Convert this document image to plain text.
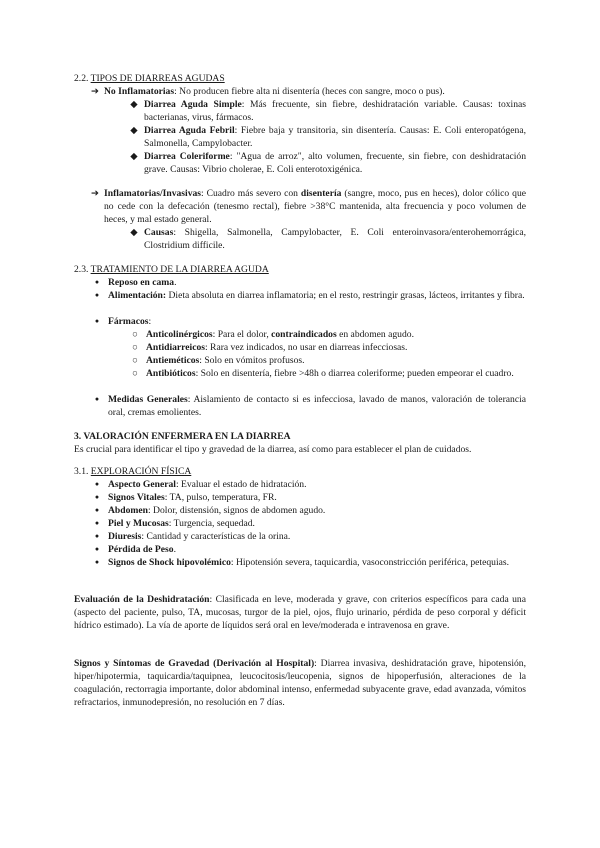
2.2. TIPOS DE DIARREAS AGUDAS
➔ No Inflamatorias: No producen fiebre alta ni disentería (heces con sangre, moco o pus).
◆ Diarrea Aguda Simple: Más frecuente, sin fiebre, deshidratación variable. Causas: toxinas bacterianas, virus, fármacos.
◆ Diarrea Aguda Febril: Fiebre baja y transitoria, sin disentería. Causas: E. Coli enteropatógena, Salmonella, Campylobacter.
◆ Diarrea Coleriforme: "Agua de arroz", alto volumen, frecuente, sin fiebre, con deshidratación grave. Causas: Vibrio cholerae, E. Coli enterotoxigénica.
➔ Inflamatorias/Invasivas: Cuadro más severo con disentería (sangre, moco, pus en heces), dolor cólico que no cede con la defecación (tenesmo rectal), fiebre >38°C mantenida, alta frecuencia y poco volumen de heces, y mal estado general.
◆ Causas: Shigella, Salmonella, Campylobacter, E. Coli enteroinvasora/enterohemorrágica, Clostridium difficile.
2.3. TRATAMIENTO DE LA DIARREA AGUDA
● Reposo en cama.
● Alimentación: Dieta absoluta en diarrea inflamatoria; en el resto, restringir grasas, lácteos, irritantes y fibra.
● Fármacos:
○ Anticolinérgicos: Para el dolor, contraindicados en abdomen agudo.
○ Antidiarreicos: Rara vez indicados, no usar en diarreas infecciosas.
○ Antieméticos: Solo en vómitos profusos.
○ Antibióticos: Solo en disentería, fiebre >48h o diarrea coleriforme; pueden empeorar el cuadro.
● Medidas Generales: Aislamiento de contacto si es infecciosa, lavado de manos, valoración de tolerancia oral, cremas emolientes.
3. VALORACIÓN ENFERMERA EN LA DIARREA
Es crucial para identificar el tipo y gravedad de la diarrea, así como para establecer el plan de cuidados.
3.1. EXPLORACIÓN FÍSICA
● Aspecto General: Evaluar el estado de hidratación.
● Signos Vitales: TA, pulso, temperatura, FR.
● Abdomen: Dolor, distensión, signos de abdomen agudo.
● Piel y Mucosas: Turgencia, sequedad.
● Diuresis: Cantidad y características de la orina.
● Pérdida de Peso.
● Signos de Shock hipovolémico: Hipotensión severa, taquicardia, vasoconstricción periférica, petequias.
Evaluación de la Deshidratación: Clasificada en leve, moderada y grave, con criterios específicos para cada una (aspecto del paciente, pulso, TA, mucosas, turgor de la piel, ojos, flujo urinario, pérdida de peso corporal y déficit hídrico estimado). La vía de aporte de líquidos será oral en leve/moderada e intravenosa en grave.
Signos y Síntomas de Gravedad (Derivación al Hospital): Diarrea invasiva, deshidratación grave, hipotensión, hiper/hipotermia, taquicardia/taquipnea, leucocitosis/leucopenia, signos de hipoperfusión, alteraciones de la coagulación, rectorragia importante, dolor abdominal intenso, enfermedad subyacente grave, edad avanzada, vómitos refractarios, inmunodepresión, no resolución en 7 días.
